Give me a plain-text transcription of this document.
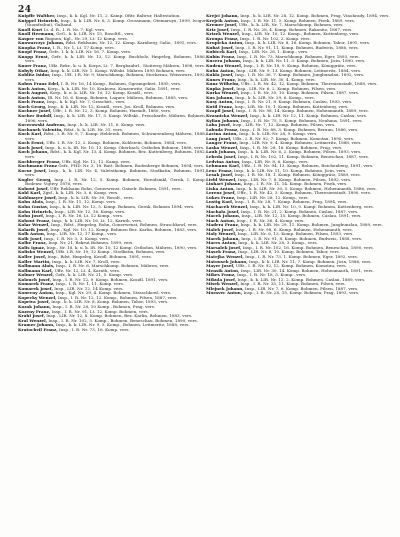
24

Knipffe Walther, Insp., k. k. Kgl. Nr. 11, 2. Kamp. Ofitr. Baltrur, Haltestation.

Knippel Heinrich, Insp., k. k. LIR. Nr. 6, 3. Komp. Grossmann, Otemaruyu, 1899, Ivogur (Vaomfrabui), Gultand.

Knoll Kurt Lt. d. R., I. R. Nr. 7, Kgl. vers.

Knoll Hermann, GeG., k. k. LIR. Nr. 15, Rosolttl., vers.

Kasper von Rugnen, Kgl., Nr. 29, Lt. 12 Komp. vers.

Knowarczyc Johann, Rdst. Reklsaim, Nr. 12, 12. Komp. Karnberg, Galiz., 1891, vers.

Knopka Franz, I. R., Nr. 1, Lt. 17 Komp. vers.

Knopf Franz, Gefr., I. k. k. LIR. Nr. 16, 7. Komp. vers.

Knopp Ernst, Gefr., k. k. LIR. Nr. 13, 12. Komp. Buchholz, Hmpeleg, Bohmen, 1886, vers.

Knorr Franz, Uffz. Rekr., k. u. k. Korps, Lt. 7. Bergbaubrl., Stoiterrg Mähren, 1898, vers.

Kobyly Otkar, Insp. k. k. LIR. Nr. 1. Komp. Wiltskt. Mähren 1895 Bohmen, vers.

Koblitz Isidor, Insp., Uff., I.R. Nr. 9, Marschkomp. Bohmen, Stockerau, Weisswurz, 1892, vers.

Kobus Franz Edel, I. R. Nr. 16, 14 Komp., Bohmen, Ggramgebiet, 1895, vers.

Koch Anton, Korp., k. k. LIR. Nr. 10, Krakowa. Konzenwitz, Galiz. 1891, vers.

Koch August, Korp., k. u. k. LIR. Nr. 10, 12. Komp. Kosidl., vers.

Koch Anton, IR. Nr. 16, 6. Komp. Bohmen, Laquer, Mähren, Bohmen, 1885, vers.

Koch Franz, Insp., k. k. Kgl. Nr. 7, Graschitt., vers.

Koch Georg, Insp., k. k. LIR. Nr. 12, Kosidl., vers. Jos. Kroll, Bohmen, vers.

Kochner Josef, Uffr., I. R. Nr. 12, 3. Komp. Bohmen, Harmdt, 1880, vers.

Kocher Rudolf, Insp., k. k. LIR. Nr. 17, 5. Komp. Wiltskt., Prenckarde, Mähren, Bohmen, 1896, vers.

Kocerowski Andreas, Insp., k. k. LIR. Nr. 11, 6. Komp. vers.

Kochanek Valentin, Rdst., k. k. LIR. Nr. 31, vers.

Koch Karl, Rdst., I. R. Nr. 9, 7. Komp. Heldersb. Bohmen, Schwarzenberg Mähren, 1888, vers.

Koch Ernst, Uffz. I. R. Nr. 12, 2. Komp. Bohmen, Kohlstein, Bohmen, 1884, vers.

Koch Josef, Insp., k. u. k. IR. Nr. 10, 13. Komp. Oberbach, Ostbohm Bohmen, 1886, vers.

Koch Johann, Rdst., k. k. Kgl. Nr. 13, 4. Komp. Bohmen, Bez. Kuttenberg, Bohmen, 1882, vers.

Kochberger Franz, Uffz. Kgl. Nr. 12, 12. Kamp. vers.

Kochmann Franz Gefr., FHD. Nr. 3, 18. Batt. Bohmen, Bodenberge Bohmen, 1894, vers.

Kocur Josef, Insp., k. k. LIR. Nr. 4, Valetstkomp. Bohmen, Stodkatin, Bohmen, 1891, vers.

Kogler Georg, Insp., I. R. Nr. 12, 5. Komp. Bohmen, Horodsmkl, Gernk, I. Komp. Bodenw. Vojtivy, 1876, vers.

Kohout Josef, Uffr. Reklsaim Rohn, Gonerwenst, Gaiselr. Bohmen, 1891, vers.

Kohl Karl, Zgsf., k. k. LIR. Nr. 3, 6. Komp. vers.

Kohlmayer Josef, Insp., k. k. LIR. Nr. 30, Rosolt., vers.

Kohn Alois, Insp., I. R. Nr. 11, 12. Komp. vers.

Kohn Gustav, Insp., k. k. LIR. Nr. 12, 5. Komp. Bohmen, Gernk, Bohmen 1894, vers.

Kohn Heinrich, Insp., LIR. Nr. 12, 16. Komp. vers.

Kohn Josef, Insp., I. R. Nr. 16, Lt. 12 Komp., vers.

Kohout Franz, Insp., k. k. LIR. Nr. 16, Lt. 12, Karnth, vers.

Kolar Wenzel, Insp., Rdst., Hmpeleg, Rohn, Gonerwenst, Bohmen, Straschkowl, vers.

Kolarik Josef, Insp., Kgl. Nr. 10, 12. Komp. Bohmen Bez. Karlin, Bohmen, 1883, vers.

Kolb Anton, Insp., LIR. Nr. 12, 17 Komp., vers.

Kolb Josef, Insp., I. R. Nr. 3, 3. Komp. vers.

Kolbe Franz, Insp. Nr. 21, Rekrut Bohmen, 1899, vers.

Kolis Ignaz, Insp., Nr. 18, k. u. k. IR. Nr. 10, 12 Komp. Ostbohm, Mähren, 1890, vers.

Kolisko Wenzel, Uffz. I.R. Nr. 10, 12 Komp., Stodkatin, Bohmen, vers.

Koller Josef, Insp., Rdst. Hmpeleg, Kosidl. Bohmen, 1891, vers.

Koller Martin, Insp., k. k. LIR. Nr. 7, Kroll, vers.

Kollmann Alois, Insp., I. R. Nr. 6, Marschkomp. Bohmen, Mähren, vers.

Kollmann Karl, Uffz. Nr. 12, Lt. 4, Karnth, vers.

Kolmer Wenzel, Gefr., k. k. LIR. Nr. 21, 5. Komp. vers.

Kolouch Josef, Insp., I. R. Nr. 12, 9. Komp. Bohmen, Kosidl. 1891, vers.

Komarek Franz, Insp., I. R. Nr. 1, 11. Komp. vers.

Komarek Josef, Insp., LIR. Nr. 12, 14 Komp. vers.

Konecny Anton, Insp., Kgl. Nr. 29, 4. Komp. Bohmen, Straschkowl, vers.

Kopecky Wenzel, Insp., I. R. Nr. 12, 12. Komp., Bohmen, Pilsen, 1887, vers.

Kopriva Josef, Insp., k. k. LIR. Nr. 8, Komp. Bohmen, Tabor, 1893, vers.

Kozak Johann, Insp., I. R. Nr. 28, 10 Komp., Bohmen, Prag, vers.

Kozeny Franz, Insp., I. R. Nr. 91, Lt. 12, Komp. Bohmen, vers.

Krahl Josef, Insp., LIR. Nr. 12, 8. Komp. Bohmen, Bez. Karlin, Bohmen, 1883, vers.

Kral Wenzel, Insp., I. R. Nr. 102, 5. Komp., Bohmen, Beneschau, Bohmen, 1890, vers.

Kramer Johann, Insp., k. k. LIR. Nr. 9, 3. Komp., Bohmen, Leitmeritz, 1888, vers.

Kratochvil Franz, Insp., I. R. Nr. 73, 16. Komp. vers.

Krejci Johann, Insp., k. k. LIR. Nr. 28, 12. Komp. Bohmen, Prag, Vinohrady, 1894, vers.

Krejcik Anton, Insp., I. R. Nr. 11, 5. Komp. Bohmen, Pisek, 1889, vers.

Kremer Josef, Uffz., k. k. LIR. Nr. 7, Marschkomp. Bohmen, vers.

Kriz Josef, Insp., I. R. Nr. 28, 4. Komp. Bohmen, Rakonitz, 1887, vers.

Krizek Wenzel, Insp., LIR. Nr. 10, 12. Komp., Bohmen, Kuttenberg, vers.

Kroupa Franz, Insp., I. R. Nr. 102, 2. Komp. vers.

Krupicka Anton, Insp., k. k. LIR. Nr. 8, 16. Komp. Bohmen, Tabor, 1891, vers.

Kubat Josef, Insp., I. R. Nr. 91, 11. Komp. Bohmen, Budweis, 1886, vers.

Kubicek Karl, Insp., LIR. Nr. 28, 1. Komp., vers.

Kubin Franz, Insp., I. R. Nr. 73, Marschkomp. Bohmen, Eger, 1893, vers.

Kucera Johann, Insp., k. k. LIR. Nr. 11, 3. Komp. Bohmen, Jicin, 1890, vers.

Kudrna Wenzel, Insp., I. R. Nr. 18, 9. Komp. Bohmen, Königgrätz, vers.

Kuhn Anton, Insp., LIR. Nr. 9, 13. Komp. Bohmen, Leitmeritz, 1884, vers.

Kukla Josef, Insp., I. R. Nr. 36, 7. Komp. Bohmen, Jungbunzlau, 1892, vers.

Kunes Franz, Insp., k. k. LIR. Nr. 30, 4. Komp. vers.

Kunz Wilhelm, Uffz., I. R. Nr. 42, 12. Komp. Bohmen, Theresienstadt, 1888, vers.

Kupka Josef, Insp., LIR. Nr. 6, 2. Komp. Bohmen, Pilsen, vers.

Kurka Wenzel, Insp., I. R. Nr. 35, 10. Komp. Bohmen, Pilsen, 1887, vers.

Kus Johann, Insp., k. k. LIR. Nr. 29, 6. Komp., vers.

Kusy Anton, Insp., I. R. Nr. 21, 8. Komp. Bohmen, Caslau, 1893, vers.

Kutil Franz, Insp., LIR. Nr. 10, 1. Komp. Bohmen, Kuttenberg, vers.

Kvapil Josef, Insp., I. R. Nr. 98, 14. Komp. Bohmen, Hohenmauth, 1889, vers.

Kvasnicka Wenzel, Insp., k. k. LIR. Nr. 12, 11. Komp. Bohmen, Caslau, vers.

Kylian Johann, Insp., I. R. Nr. 75, 5. Komp. Bohmen, Neuhaus, 1891, vers.

Laba Josef, Insp., LIR. Nr. 7, 12. Komp. Bohmen, Pilsen, vers.

Labuda Franz, Insp., I. R. Nr. 88, 3. Komp. Bohmen, Beraun, 1886, vers.

Lacina Anton, Insp., k. k. LIR. Nr. 28, 9. Komp. vers.

Lang Josef, Uffz., I. R. Nr. 92, 7. Komp. Bohmen, Komotau, 1890, vers.

Langer Franz, Insp., LIR. Nr. 9, 4. Komp. Bohmen, Leitmeritz, 1888, vers.

Laska Wenzel, Insp., I. R. Nr. 28, 16. Komp. Bohmen, Prag, vers.

Laub Johann, Insp., k. k. LIR. Nr. 6, 2. Komp. Bohmen, Pilsen, 1893, vers.

Lebeda Josef, Insp., I. R. Nr. 102, 11. Komp. Bohmen, Beneschau, 1887, vers.

Ledvina Anton, Insp., LIR. Nr. 8, 6. Komp., vers.

Lehmann Karl, Uffz., I. R. Nr. 94, 13. Komp. Bohmen, Reichenberg, 1891, vers.

Lenc Franz, Insp., k. k. LIR. Nr. 11, 10. Komp. Bohmen, Jicin, vers.

Lesak Josef, Insp., I. R. Nr. 18, 1. Komp. Bohmen, Königgrätz, 1889, vers.

Liebl Wenzel, Insp., LIR. Nr. 7, 8. Komp. Bohmen, Pilsen, 1892, vers.

Linhart Johann, Insp., I. R. Nr. 11, 14. Komp. Bohmen, Pisek, vers.

Liska Anton, Insp., k. k. LIR. Nr. 30, 5. Komp. Bohmen, Hohenmauth, 1886, vers.

Lorenz Josef, Uffz., I. R. Nr. 42, 3. Komp. Bohmen, Theresienstadt, 1890, vers.

Lukes Franz, Insp., LIR. Nr. 28, 12. Komp., vers.

Lustig Karl, Insp., I. R. Nr. 28, 7. Komp. Bohmen, Prag, 1894, vers.

Machacek Wenzel, Insp., k. k. LIR. Nr. 10, 9. Komp. Bohmen, Kuttenberg, vers.

Machala Josef, Insp., I. R. Nr. 21, 2. Komp. Bohmen, Caslau, 1887, vers.

Macek Johann, Insp., LIR. Nr. 12, 15. Komp. Bohmen, Caslau, 1891, vers.

Mach Anton, Insp., I. R. Nr. 36, 4. Komp. vers.

Madera Franz, Insp., k. k. LIR. Nr. 29, 11. Komp. Bohmen, Jungbunzlau, 1889, vers.

Malek Josef, Insp., I. R. Nr. 98, 6. Komp. Bohmen, Hohenmauth, vers.

Maly Wenzel, Insp., LIR. Nr. 6, 13. Komp. Bohmen, Pilsen, 1893, vers.

Marek Johann, Insp., I. R. Nr. 91, 8. Komp. Bohmen, Budweis, 1888, vers.

Mares Anton, Insp., k. k. LIR. Nr. 28, 3. Komp., vers.

Marsalek Josef, Insp., I. R. Nr. 102, 16. Komp. Bohmen, Beneschau, 1890, vers.

Masek Franz, Insp., LIR. Nr. 8, 10. Komp. Bohmen, Tabor, vers.

Matejka Wenzel, Insp., I. R. Nr. 73, 1. Komp. Bohmen, Eger, 1892, vers.

Matousek Johann, Insp., k. k. LIR. Nr. 11, 7. Komp. Bohmen, Jicin, 1886, vers.

Mayer Josef, Uffz., I. R. Nr. 92, 12. Komp. Bohmen, Komotau, vers.

Mensik Anton, Insp., LIR. Nr. 30, 14. Komp. Bohmen, Hohenmauth, 1891, vers.

Mikes Franz, Insp., I. R. Nr. 18, 5. Komp., vers.

Mikula Josef, Insp., k. k. LIR. Nr. 12, 2. Komp. Bohmen, Caslau, 1889, vers.

Misek Wenzel, Insp., I. R. Nr. 35, 11. Komp. Bohmen, Pilsen, vers.

Mlejnek Johann, Insp., LIR. Nr. 7, 6. Komp. Bohmen, Pilsen, 1887, vers.

Moravec Anton, Insp., I. R. Nr. 28, 15. Komp. Bohmen, Prag, 1893, vers.
